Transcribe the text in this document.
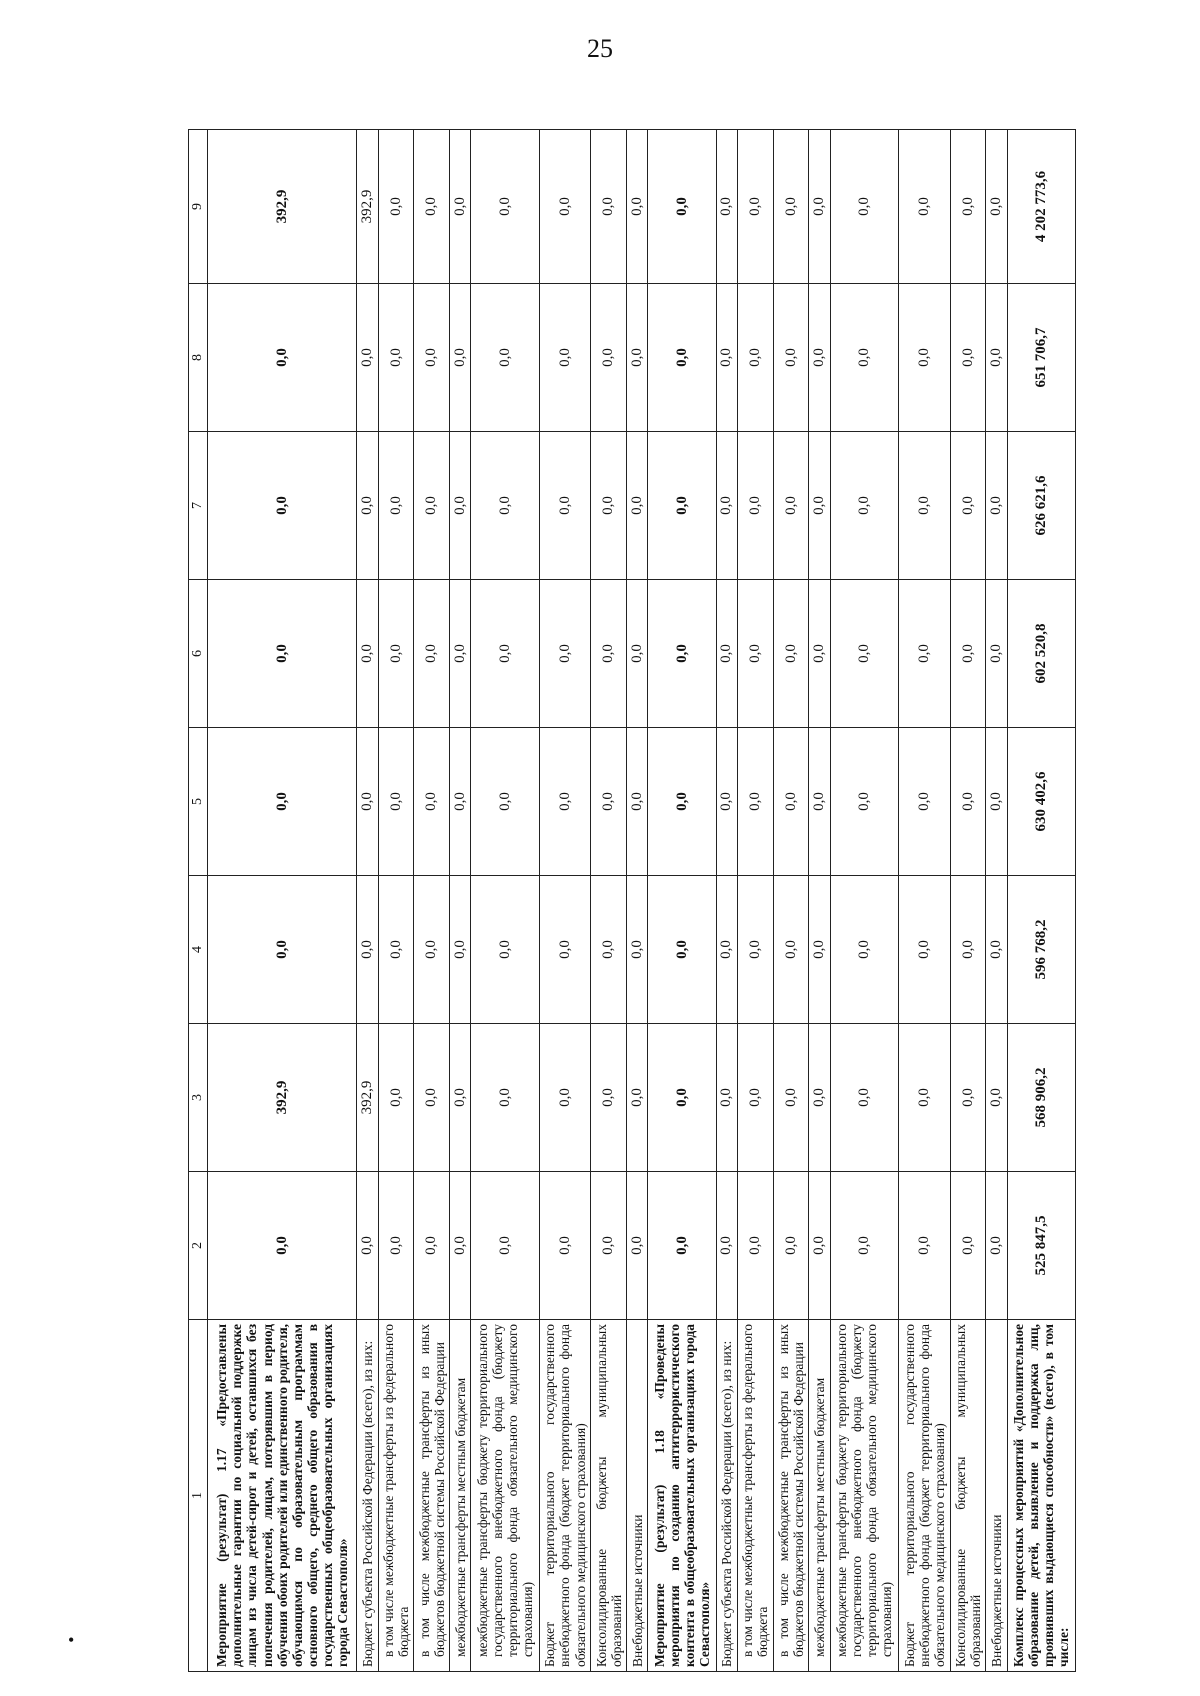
25
1	2	3	4	5	6	7	8	9
Мероприятие (результат) 1.17 «Предоставлены дополнительные гарантии по социальной поддержке лицам из числа детей-сирот и детей, оставшихся без попечения родителей, лицам, потерявшим в период обучения обоих родителей или единственного родителя, обучающимся по образовательным программам основного общего, среднего общего образования в государственных общеобразовательных организациях города Севастополя»	0,0	392,9	0,0	0,0	0,0	0,0	0,0	392,9
Бюджет субъекта Российской Федерации (всего), из них:	0,0	392,9	0,0	0,0	0,0	0,0	0,0	392,9
в том числе межбюджетные трансферты из федерального бюджета	0,0	0,0	0,0	0,0	0,0	0,0	0,0	0,0
в том числе межбюджетные трансферты из иных бюджетов бюджетной системы Российской Федерации	0,0	0,0	0,0	0,0	0,0	0,0	0,0	0,0
межбюджетные трансферты местным бюджетам	0,0	0,0	0,0	0,0	0,0	0,0	0,0	0,0
межбюджетные трансферты бюджету территориального государственного внебюджетного фонда (бюджету территориального фонда обязательного медицинского страхования)	0,0	0,0	0,0	0,0	0,0	0,0	0,0	0,0
Бюджет территориального государственного внебюджетного фонда (бюджет территориального фонда обязательного медицинского страхования)	0,0	0,0	0,0	0,0	0,0	0,0	0,0	0,0
Консолидированные бюджеты муниципальных образований	0,0	0,0	0,0	0,0	0,0	0,0	0,0	0,0
Внебюджетные источники	0,0	0,0	0,0	0,0	0,0	0,0	0,0	0,0
Мероприятие (результат) 1.18 «Проведены мероприятия по созданию антитеррористического контента в общеобразовательных организациях города Севастополя»	0,0	0,0	0,0	0,0	0,0	0,0	0,0	0,0
Бюджет субъекта Российской Федерации (всего), из них:	0,0	0,0	0,0	0,0	0,0	0,0	0,0	0,0
в том числе межбюджетные трансферты из федерального бюджета	0,0	0,0	0,0	0,0	0,0	0,0	0,0	0,0
в том числе межбюджетные трансферты из иных бюджетов бюджетной системы Российской Федерации	0,0	0,0	0,0	0,0	0,0	0,0	0,0	0,0
межбюджетные трансферты местным бюджетам	0,0	0,0	0,0	0,0	0,0	0,0	0,0	0,0
межбюджетные трансферты бюджету территориального государственного внебюджетного фонда (бюджету территориального фонда обязательного медицинского страхования)	0,0	0,0	0,0	0,0	0,0	0,0	0,0	0,0
Бюджет территориального государственного внебюджетного фонда (бюджет территориального фонда обязательного медицинского страхования)	0,0	0,0	0,0	0,0	0,0	0,0	0,0	0,0
Консолидированные бюджеты муниципальных образований	0,0	0,0	0,0	0,0	0,0	0,0	0,0	0,0
Внебюджетные источники	0,0	0,0	0,0	0,0	0,0	0,0	0,0	0,0
Комплекс процессных мероприятий «Дополнительное образование детей, выявление и поддержка лиц, проявивших выдающиеся способности» (всего), в том числе:	525 847,5	568 906,2	596 768,2	630 402,6	602 520,8	626 621,6	651 706,7	4 202 773,6
•
